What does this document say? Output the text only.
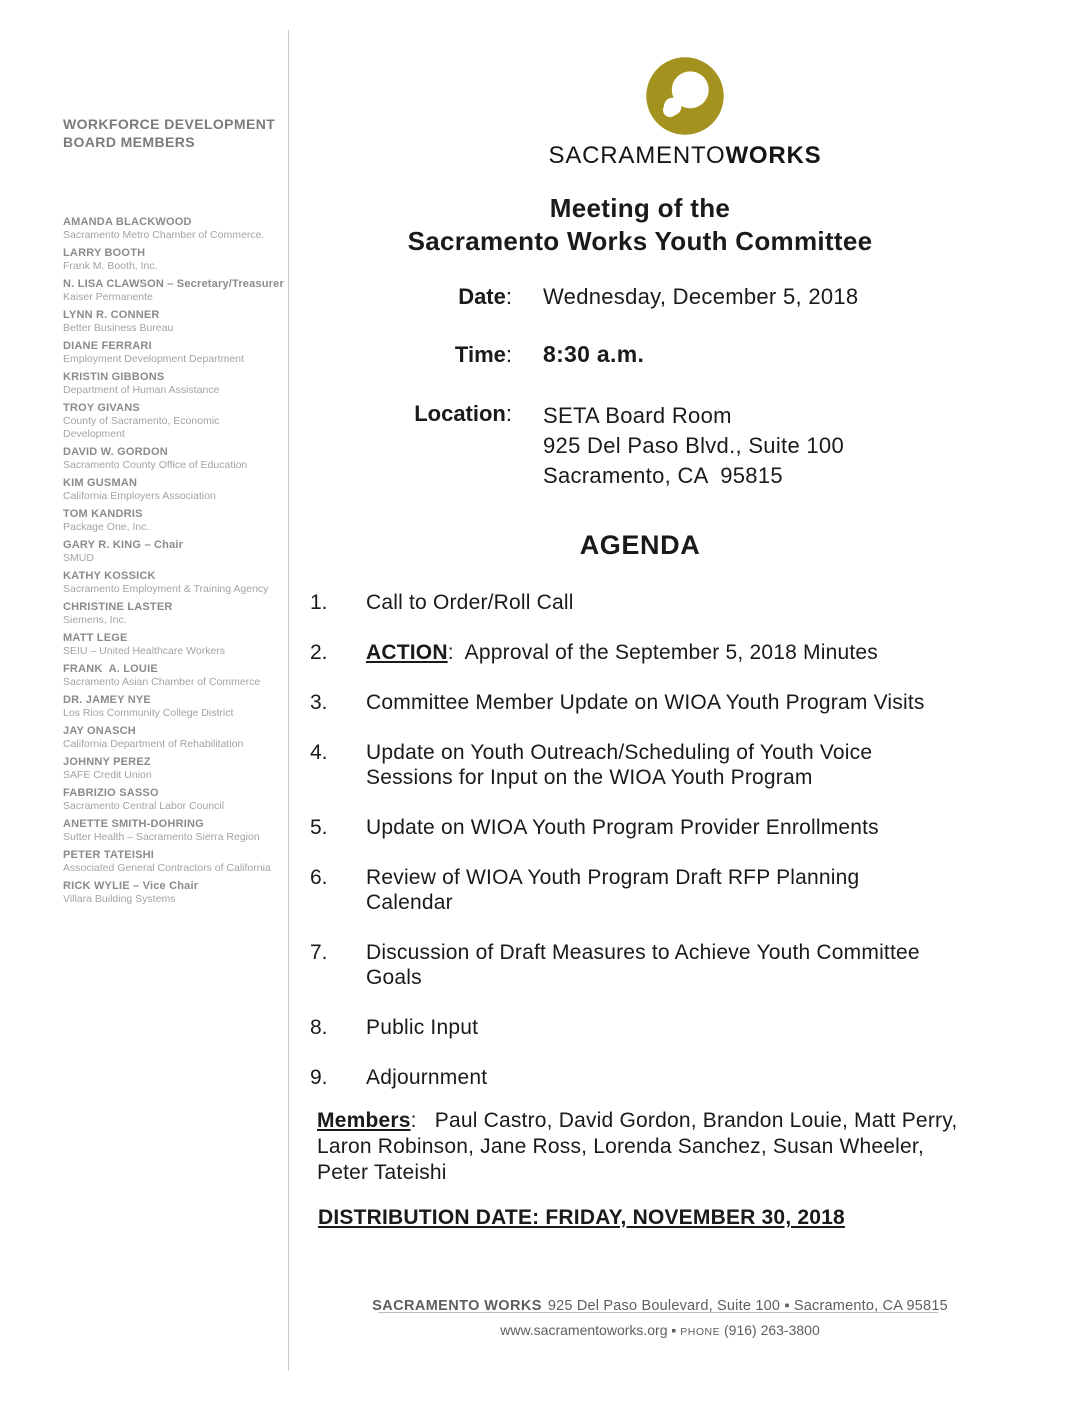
WORKFORCE DEVELOPMENT
BOARD MEMBERS
AMANDA BLACKWOOD
Sacramento Metro Chamber of Commerce.
LARRY BOOTH
Frank M. Booth, Inc.
N. LISA CLAWSON – Secretary/Treasurer
Kaiser Permanente
LYNN R. CONNER
Better Business Bureau
DIANE FERRARI
Employment Development Department
KRISTIN GIBBONS
Department of Human Assistance
TROY GIVANS
County of Sacramento, Economic
Development
DAVID W. GORDON
Sacramento County Office of Education
KIM GUSMAN
California Employers Association
TOM KANDRIS
Package One, Inc.
GARY R. KING – Chair
SMUD
KATHY KOSSICK
Sacramento Employment & Training Agency
CHRISTINE LASTER
Siemens, Inc.
MATT LEGE
SEIU – United Healthcare Workers
FRANK  A. LOUIE
Sacramento Asian Chamber of Commerce
DR. JAMEY NYE
Los Rios Community College District
JAY ONASCH
California Department of Rehabilitation
JOHNNY PEREZ
SAFE Credit Union
FABRIZIO SASSO
Sacramento Central Labor Council
ANETTE SMITH-DOHRING
Sutter Health – Sacramento Sierra Region
PETER TATEISHI
Associated General Contractors of California
RICK WYLIE – Vice Chair
Villara Building Systems
SACRAMENTOWORKS
Meeting of the
Sacramento Works Youth Committee
Date: Wednesday, December 5, 2018
Time: 8:30 a.m.
Location: SETA Board Room
925 Del Paso Blvd., Suite 100
Sacramento, CA  95815
AGENDA
1.	Call to Order/Roll Call
2.	ACTION:  Approval of the September 5, 2018 Minutes
3.	Committee Member Update on WIOA Youth Program Visits
4.	Update on Youth Outreach/Scheduling of Youth Voice
Sessions for Input on the WIOA Youth Program
5.	Update on WIOA Youth Program Provider Enrollments
6.	Review of WIOA Youth Program Draft RFP Planning
Calendar
7.	Discussion of Draft Measures to Achieve Youth Committee
Goals
8.	Public Input
9.	Adjournment
Members:   Paul Castro, David Gordon, Brandon Louie, Matt Perry,
Laron Robinson, Jane Ross, Lorenda Sanchez, Susan Wheeler,
Peter Tateishi
DISTRIBUTION DATE: FRIDAY, NOVEMBER 30, 2018
SACRAMENTO WORKS 925 Del Paso Boulevard, Suite 100 ▪ Sacramento, CA 95815
www.sacramentoworks.org ▪ PHONE (916) 263-3800
